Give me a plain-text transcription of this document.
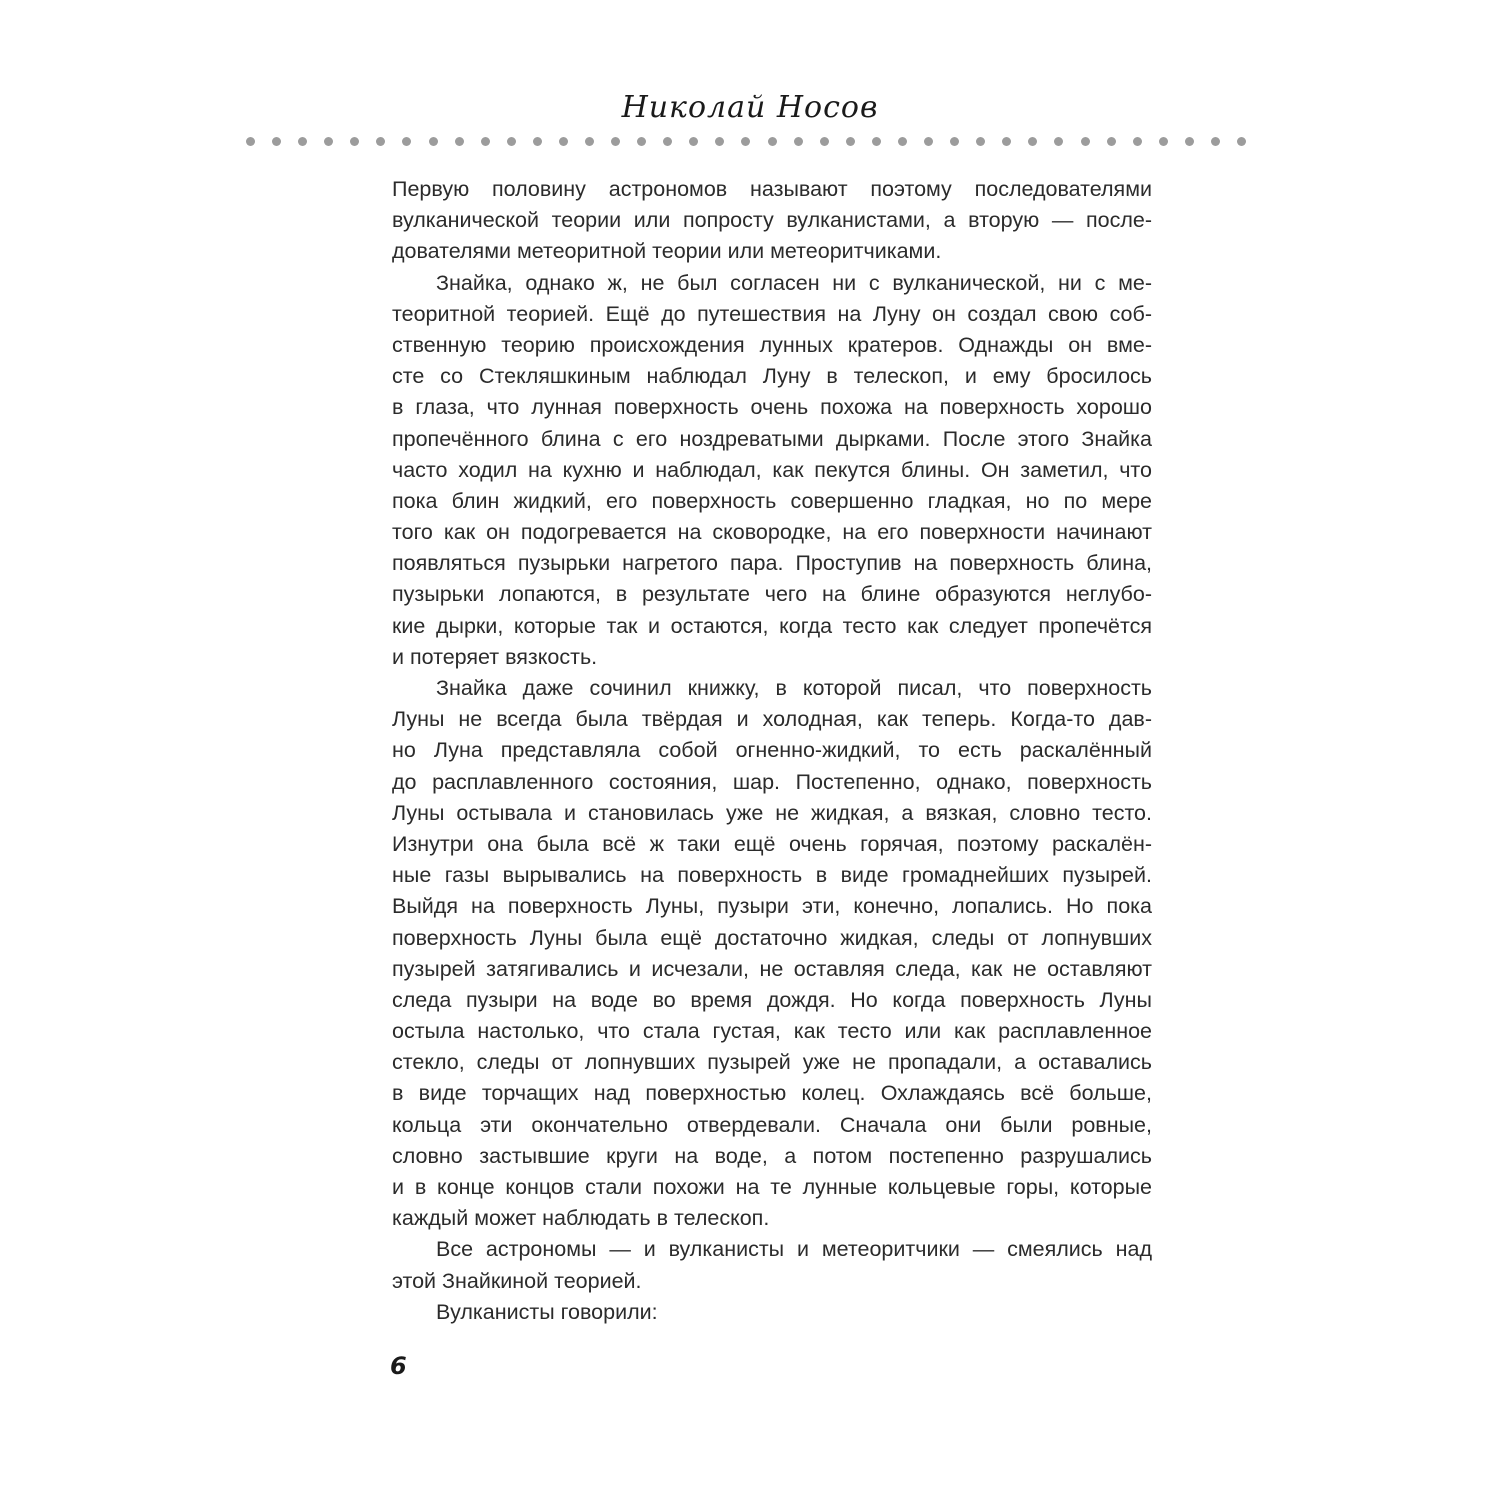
Николай Носов
Первую половину астрономов называют поэтому последователями
вулканической теории или попросту вулканистами, а вторую — после-
дователями метеоритной теории или метеоритчиками.
Знайка, однако ж, не был согласен ни с вулканической, ни с ме-
теоритной теорией. Ещё до путешествия на Луну он создал свою соб-
ственную теорию происхождения лунных кратеров. Однажды он вме-
сте со Стекляшкиным наблюдал Луну в телескоп, и ему бросилось
в глаза, что лунная поверхность очень похожа на поверхность хорошо
пропечённого блина с его ноздреватыми дырками. После этого Знайка
часто ходил на кухню и наблюдал, как пекутся блины. Он заметил, что
пока блин жидкий, его поверхность совершенно гладкая, но по мере
того как он подогревается на сковородке, на его поверхности начинают
появляться пузырьки нагретого пара. Проступив на поверхность блина,
пузырьки лопаются, в результате чего на блине образуются неглубо-
кие дырки, которые так и остаются, когда тесто как следует пропечётся
и потеряет вязкость.
Знайка даже сочинил книжку, в которой писал, что поверхность
Луны не всегда была твёрдая и холодная, как теперь. Когда-то дав-
но Луна представляла собой огненно-жидкий, то есть раскалённый
до расплавленного состояния, шар. Постепенно, однако, поверхность
Луны остывала и становилась уже не жидкая, а вязкая, словно тесто.
Изнутри она была всё ж таки ещё очень горячая, поэтому раскалён-
ные газы вырывались на поверхность в виде громаднейших пузырей.
Выйдя на поверхность Луны, пузыри эти, конечно, лопались. Но пока
поверхность Луны была ещё достаточно жидкая, следы от лопнувших
пузырей затягивались и исчезали, не оставляя следа, как не оставляют
следа пузыри на воде во время дождя. Но когда поверхность Луны
остыла настолько, что стала густая, как тесто или как расплавленное
стекло, следы от лопнувших пузырей уже не пропадали, а оставались
в виде торчащих над поверхностью колец. Охлаждаясь всё больше,
кольца эти окончательно отвердевали. Сначала они были ровные,
словно застывшие круги на воде, а потом постепенно разрушались
и в конце концов стали похожи на те лунные кольцевые горы, которые
каждый может наблюдать в телескоп.
Все астрономы — и вулканисты и метеоритчики — смеялись над
этой Знайкиной теорией.
Вулканисты говорили:
6
